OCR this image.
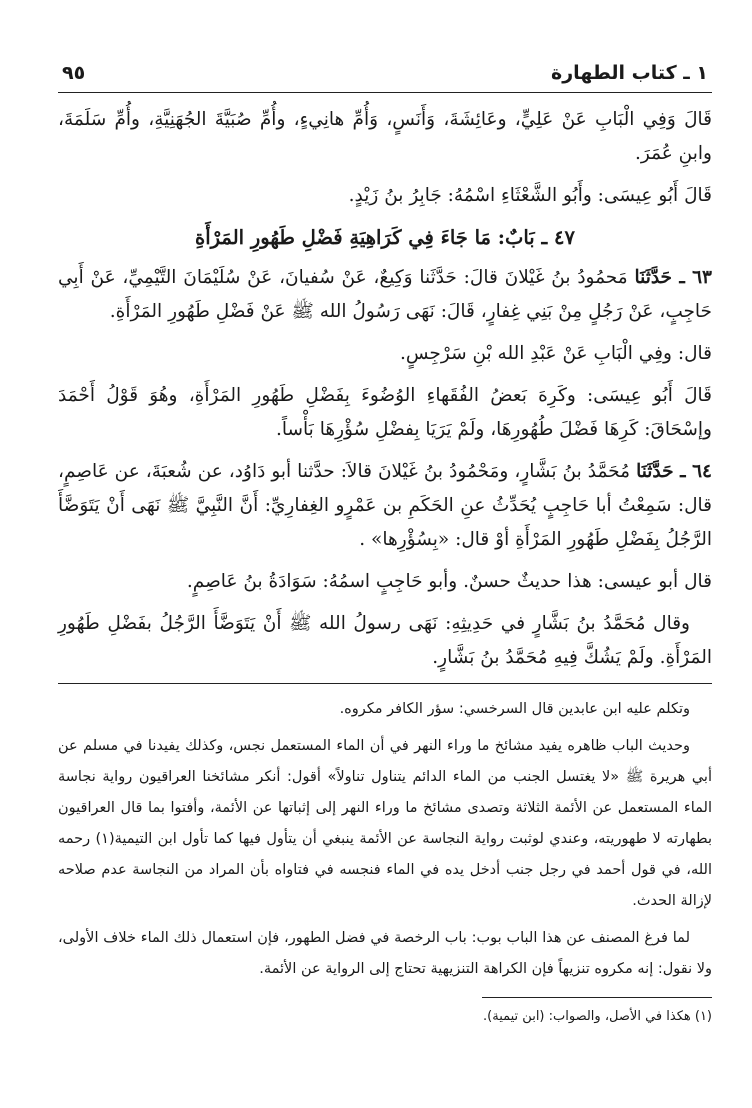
١ ـ كتاب الطهارة
٩٥

قَالَ وَفِي الْبَابِ عَنْ عَلِيٍّ، وعَائِشَةَ، وَأَنَسٍ، وَأُمِّ هانِيءٍ، وأُمِّ صُبَيَّةَ الجُهَنِيَّةِ، وأُمِّ سَلَمَةَ، وابنِ عُمَرَ.

قَالَ أَبُو عِيسَى: وأَبُو الشَّعْثَاءِ اسْمُهُ: جَابِرُ بنُ زَيْدٍ.

٤٧ ـ بَابٌ: مَا جَاءَ فِي كَرَاهِيَةِ فَضْلِ طَهُورِ المَرْأَةِ

٦٣ ـ حَدَّثَنَا مَحمُودُ بنُ غَيْلانَ قالَ: حَدَّثَنا وَكِيعٌ، عَنْ سُفيانَ، عَنْ سُلَيْمَانَ التَّيْمِيِّ، عَنْ أَبِي حَاجِبٍ، عَنْ رَجُلٍ مِنْ بَنِي غِفارٍ، قَالَ: نَهَى رَسُولُ الله ﷺ عَنْ فَضْلِ طَهُورِ المَرْأَةِ.

قال: وفِي الْبَابِ عَنْ عَبْدِ الله بْنِ سَرْجِسٍ.

قَالَ أَبُو عِيسَى: وكَرِهَ بَعضُ الفُقَهاءِ الوُضُوءَ بِفَضْلِ طَهُورِ المَرْأَةِ، وهُوَ قَوْلُ أَحْمَدَ وإسْحَاقَ: كَرِهَا فَضْلَ طُهُورِهَا، ولَمْ يَرَيَا بِفضْلِ سُؤْرِهَا بَأْساً.

٦٤ ـ حَدَّثَنَا مُحَمَّدُ بنُ بَشَّارٍ، ومَحْمُودُ بنُ غَيْلانَ قالاَ: حدَّثنا أبو دَاوُد، عن شُعبَةَ، عن عَاصِمٍ، قال: سَمِعْتُ أبا حَاجِبٍ يُحَدِّثُ عنِ الحَكَمِ بن عَمْرٍو الغِفارِيِّ: أَنَّ النَّبِيَّ ﷺ نَهَى أَنْ يَتَوَضَّأَ الرَّجُلُ بِفَضْلِ طَهُورِ المَرْأَةِ أوْ قال: «بِسُؤْرِها» .

قال أبو عيسى: هذا حديثٌ حسنٌ. وأبو حَاجِبٍ اسمُهُ: سَوَادَةُ بنُ عَاصِمٍ.

وقال مُحَمَّدُ بنُ بَشَّارٍ في حَدِيثِهِ: نَهَى رسولُ الله ﷺ أَنْ يَتَوَضَّأَ الرَّجُلُ بفَضْلِ طَهُورِ المَرْأَةِ. ولَمْ يَشُكَّ فِيهِ مُحَمَّدُ بنُ بَشَّارٍ.

وتكلم عليه ابن عابدين قال السرخسي: سؤر الكافر مكروه.

وحديث الباب ظاهره يفيد مشائخ ما وراء النهر في أن الماء المستعمل نجس، وكذلك يفيدنا في مسلم عن أبي هريرة ﷺ «لا يغتسل الجنب من الماء الدائم يتناول تناولاً» أقول: أنكر مشائخنا العراقيون رواية نجاسة الماء المستعمل عن الأئمة الثلاثة وتصدى مشائخ ما وراء النهر إلى إثباتها عن الأئمة، وأفتوا بما قال العراقيون بطهارته لا طهوريته، وعندي لوثبت رواية النجاسة عن الأئمة ينبغي أن يتأول فيها كما تأول ابن التيمية(١) رحمه الله، في قول أحمد في رجل جنب أدخل يده في الماء فنجسه في فتاواه بأن المراد من النجاسة عدم صلاحه لإزالة الحدث.

لما فرغ المصنف عن هذا الباب بوب: باب الرخصة في فضل الطهور، فإن استعمال ذلك الماء خلاف الأولى، ولا نقول: إنه مكروه تنزيهاً فإن الكراهة التنزيهية تحتاج إلى الرواية عن الأئمة.

(١) هكذا في الأصل، والصواب: (ابن تيمية).
